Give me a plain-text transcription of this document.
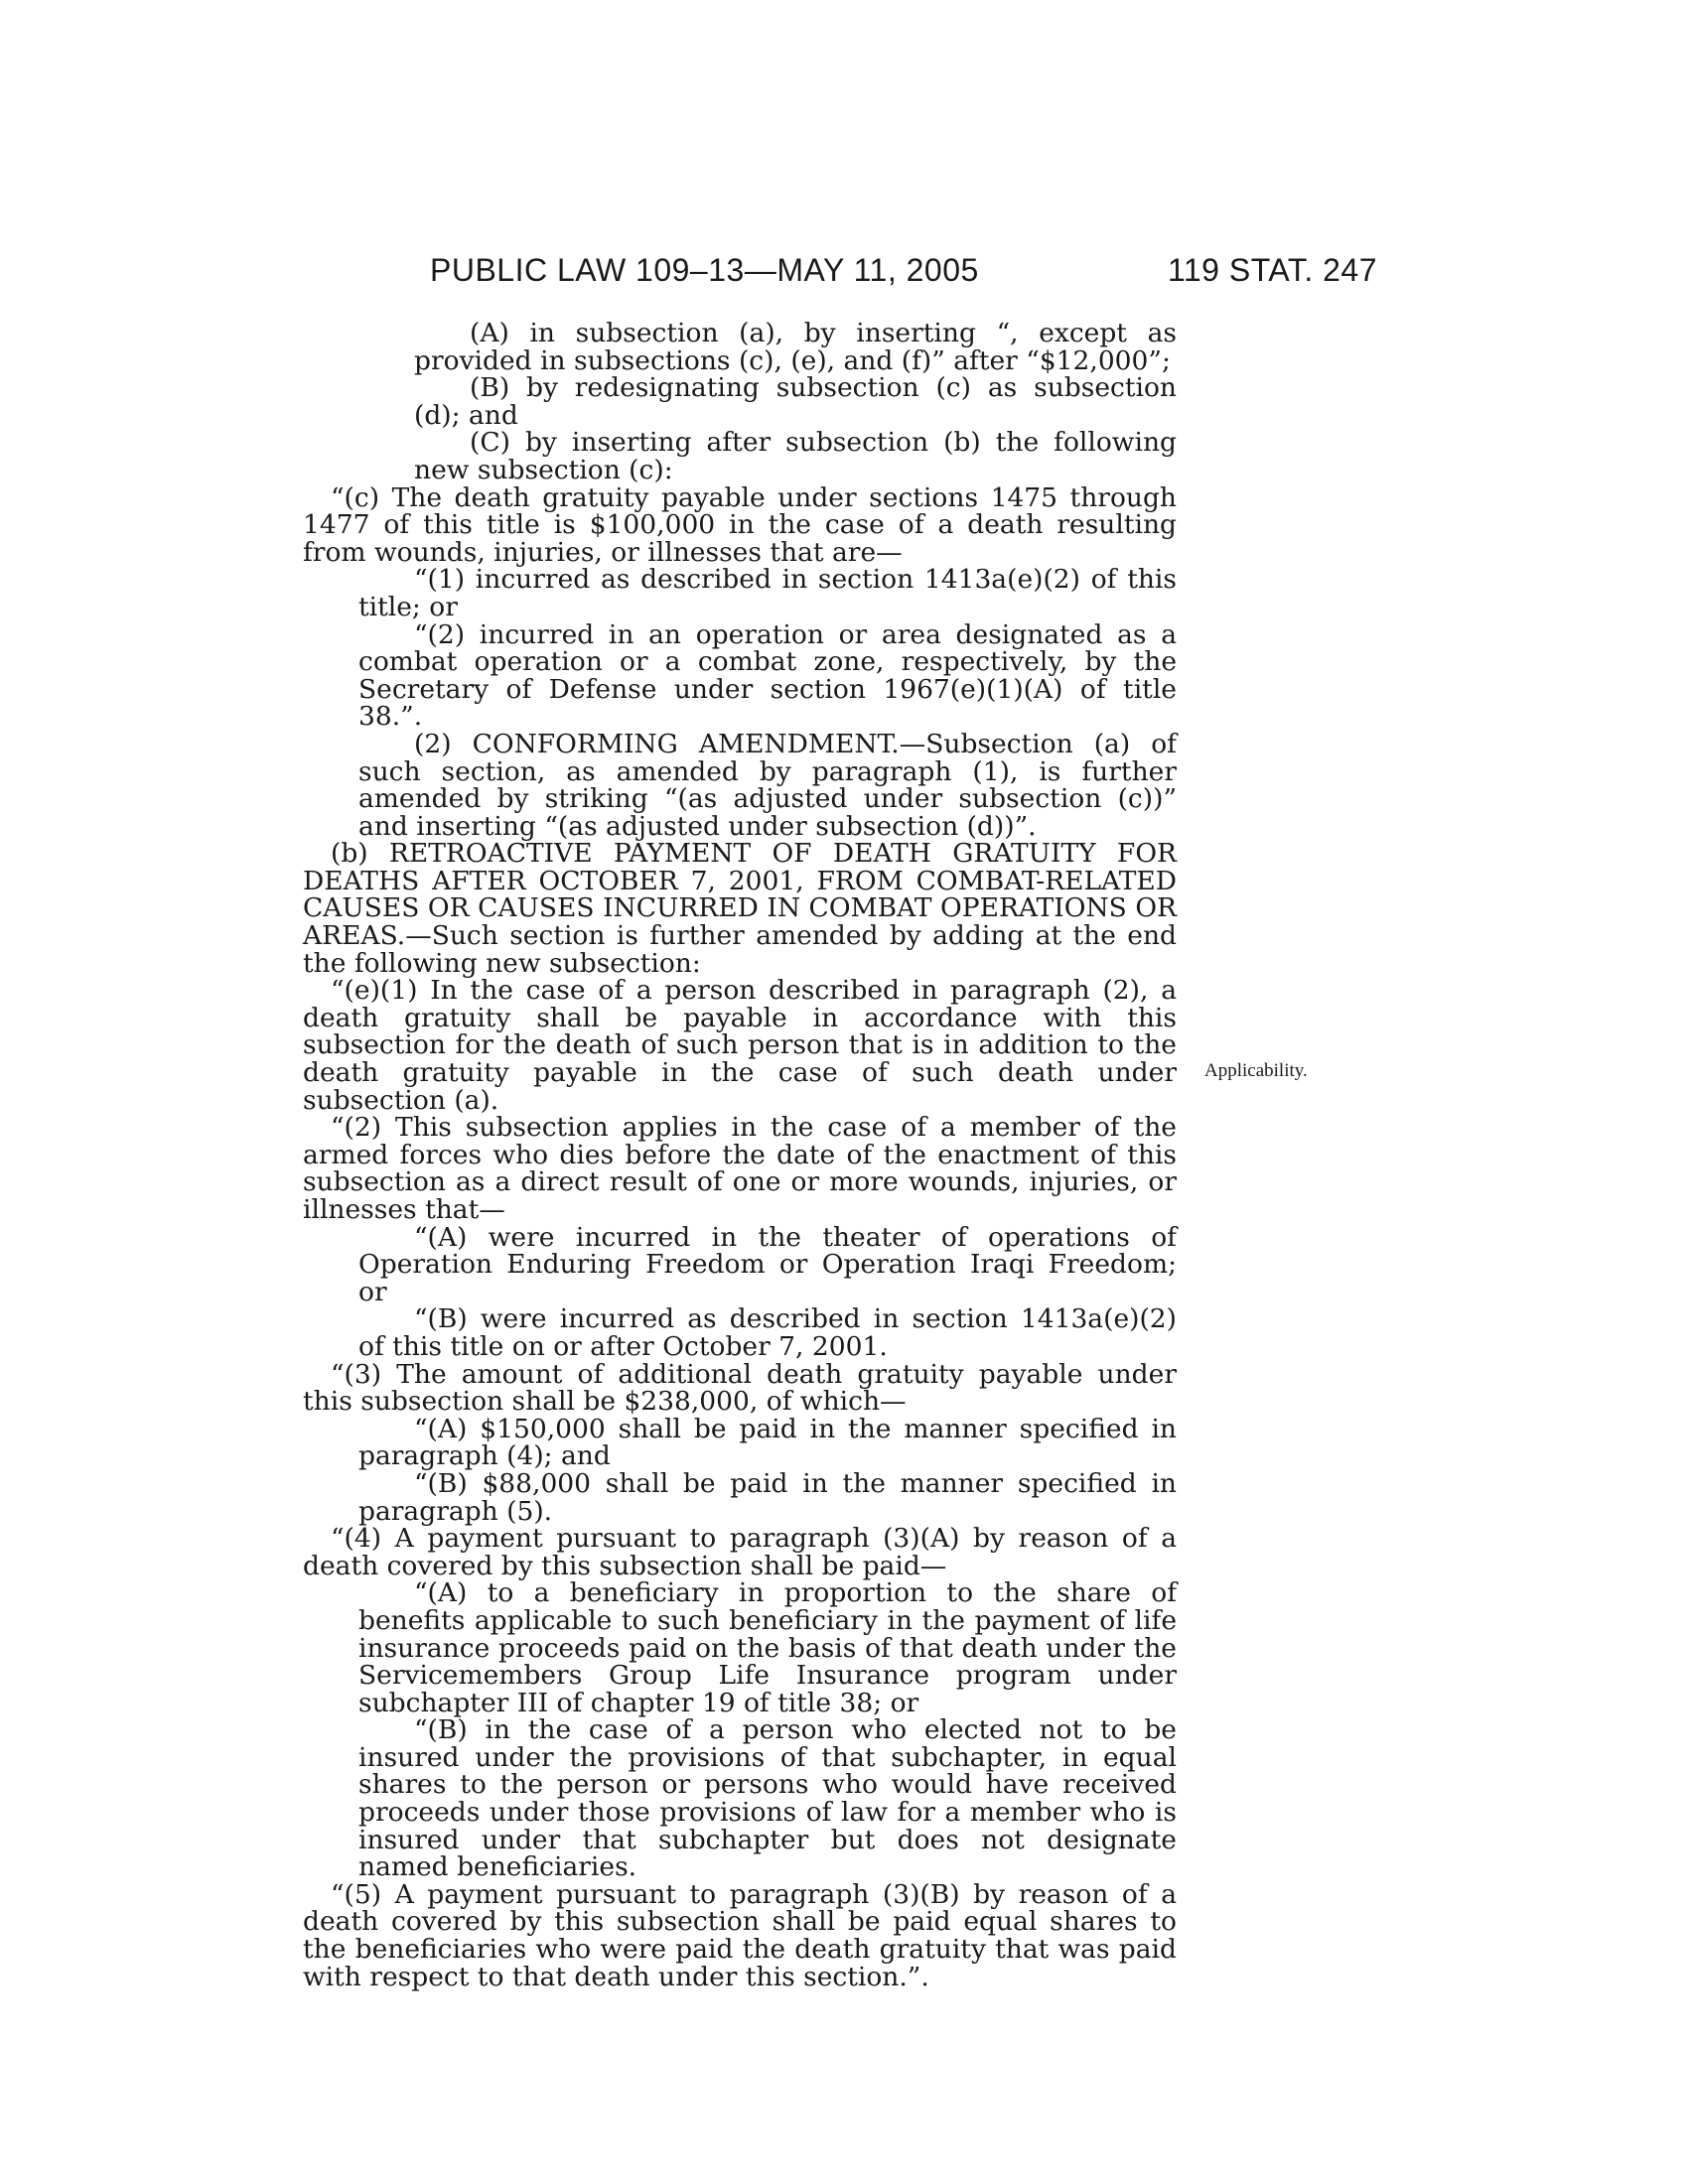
PUBLIC LAW 109–13—MAY 11, 2005	119 STAT. 247

(A) in subsection (a), by inserting “, except as provided in subsections (c), (e), and (f)” after “$12,000”;

(B) by redesignating subsection (c) as subsection (d); and

(C) by inserting after subsection (b) the following new subsection (c):

“(c) The death gratuity payable under sections 1475 through 1477 of this title is $100,000 in the case of a death resulting from wounds, injuries, or illnesses that are—

“(1) incurred as described in section 1413a(e)(2) of this title; or

“(2) incurred in an operation or area designated as a combat operation or a combat zone, respectively, by the Secretary of Defense under section 1967(e)(1)(A) of title 38.”.

(2) CONFORMING AMENDMENT.—Subsection (a) of such section, as amended by paragraph (1), is further amended by striking “(as adjusted under subsection (c))” and inserting “(as adjusted under subsection (d))”.

(b) RETROACTIVE PAYMENT OF DEATH GRATUITY FOR DEATHS AFTER OCTOBER 7, 2001, FROM COMBAT-RELATED CAUSES OR CAUSES INCURRED IN COMBAT OPERATIONS OR AREAS.—Such section is further amended by adding at the end the following new subsection:

“(e)(1) In the case of a person described in paragraph (2), a death gratuity shall be payable in accordance with this subsection for the death of such person that is in addition to the death gratuity payable in the case of such death under subsection (a).

“(2) This subsection applies in the case of a member of the armed forces who dies before the date of the enactment of this subsection as a direct result of one or more wounds, injuries, or illnesses that—

“(A) were incurred in the theater of operations of Operation Enduring Freedom or Operation Iraqi Freedom; or

“(B) were incurred as described in section 1413a(e)(2) of this title on or after October 7, 2001.

“(3) The amount of additional death gratuity payable under this subsection shall be $238,000, of which—

“(A) $150,000 shall be paid in the manner specified in paragraph (4); and

“(B) $88,000 shall be paid in the manner specified in paragraph (5).

“(4) A payment pursuant to paragraph (3)(A) by reason of a death covered by this subsection shall be paid—

“(A) to a beneficiary in proportion to the share of benefits applicable to such beneficiary in the payment of life insurance proceeds paid on the basis of that death under the Servicemembers Group Life Insurance program under subchapter III of chapter 19 of title 38; or

“(B) in the case of a person who elected not to be insured under the provisions of that subchapter, in equal shares to the person or persons who would have received proceeds under those provisions of law for a member who is insured under that subchapter but does not designate named beneficiaries.

“(5) A payment pursuant to paragraph (3)(B) by reason of a death covered by this subsection shall be paid equal shares to the beneficiaries who were paid the death gratuity that was paid with respect to that death under this section.”.

Applicability.
